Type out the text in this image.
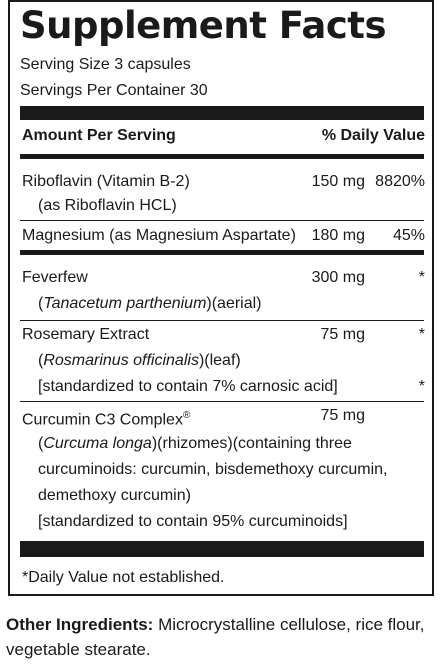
Supplement Facts
Serving Size 3 capsules
Servings Per Container 30
Amount Per Serving	% Daily Value
Riboflavin (Vitamin B-2)	150 mg 8820%
(as Riboflavin HCL)
Magnesium (as Magnesium Aspartate) 180 mg	45%
Feverfew	300 mg	*
(Tanacetum parthenium)(aerial)
Rosemary Extract	75 mg	*
(Rosmarinus officinalis)(leaf)
[standardized to contain 7% carnosic acid]	*
Curcumin C3 Complex®	75 mg
(Curcuma longa)(rhizomes)(containing three
curcuminoids: curcumin, bisdemethoxy curcumin,
demethoxy curcumin)
[standardized to contain 95% curcuminoids]
*Daily Value not established.
Other Ingredients: Microcrystalline cellulose, rice flour, vegetable stearate.
